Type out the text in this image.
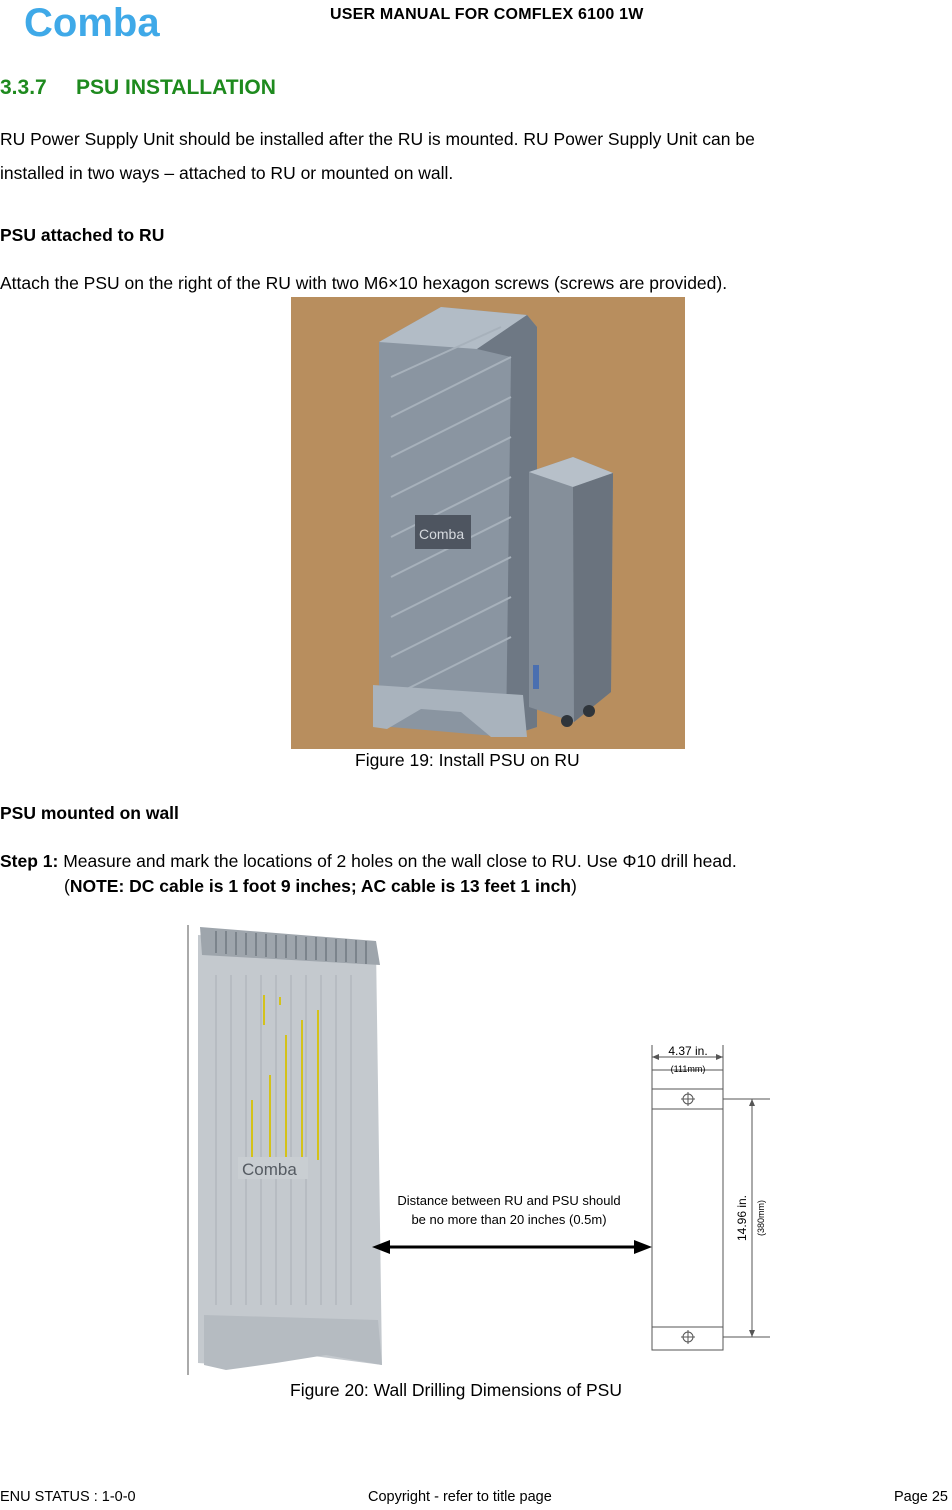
Comba	USER MANUAL FOR COMFLEX 6100 1W
3.3.7 PSU INSTALLATION
RU Power Supply Unit should be installed after the RU is mounted. RU Power Supply Unit can be
installed in two ways – attached to RU or mounted on wall.
PSU attached to RU
Attach the PSU on the right of the RU with two M6×10 hexagon screws (screws are provided).
Comba
Figure 19: Install PSU on RU
PSU mounted on wall
Step 1: Measure and mark the locations of 2 holes on the wall close to RU. Use Φ10 drill head.
(NOTE: DC cable is 1 foot 9 inches; AC cable is 13 feet 1 inch)
Comba
Distance between RU and PSU should
be no more than 20 inches (0.5m)
4.37 in.
(111mm)
14.96 in. (380mm)
Figure 20: Wall Drilling Dimensions of PSU
ENU STATUS : 1-0-0	Copyright - refer to title page	Page 25
